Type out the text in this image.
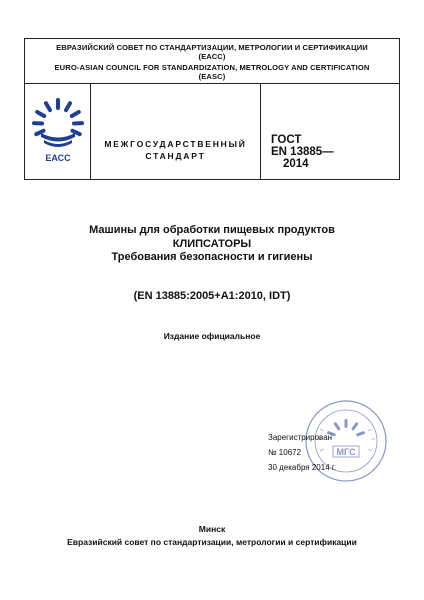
ЕВРАЗИЙСКИЙ СОВЕТ ПО СТАНДАРТИЗАЦИИ, МЕТРОЛОГИИ И СЕРТИФИКАЦИИ
(ЕАСС)
EURO-ASIAN COUNCIL FOR STANDARDIZATION, METROLOGY AND CERTIFICATION
(EASC)
ЕАСС
МЕЖГОСУДАРСТВЕННЫЙ
СТАНДАРТ
ГОСТ
EN 13885—
2014
Машины для обработки пищевых продуктов
КЛИПСАТОРЫ
Требования безопасности и гигиены
(EN 13885:2005+A1:2010, IDT)
Издание официальное
МГС
Зарегистрирован
№ 10672
30 декабря 2014 г.
Минск
Евразийский совет по стандартизации, метрологии и сертификации
